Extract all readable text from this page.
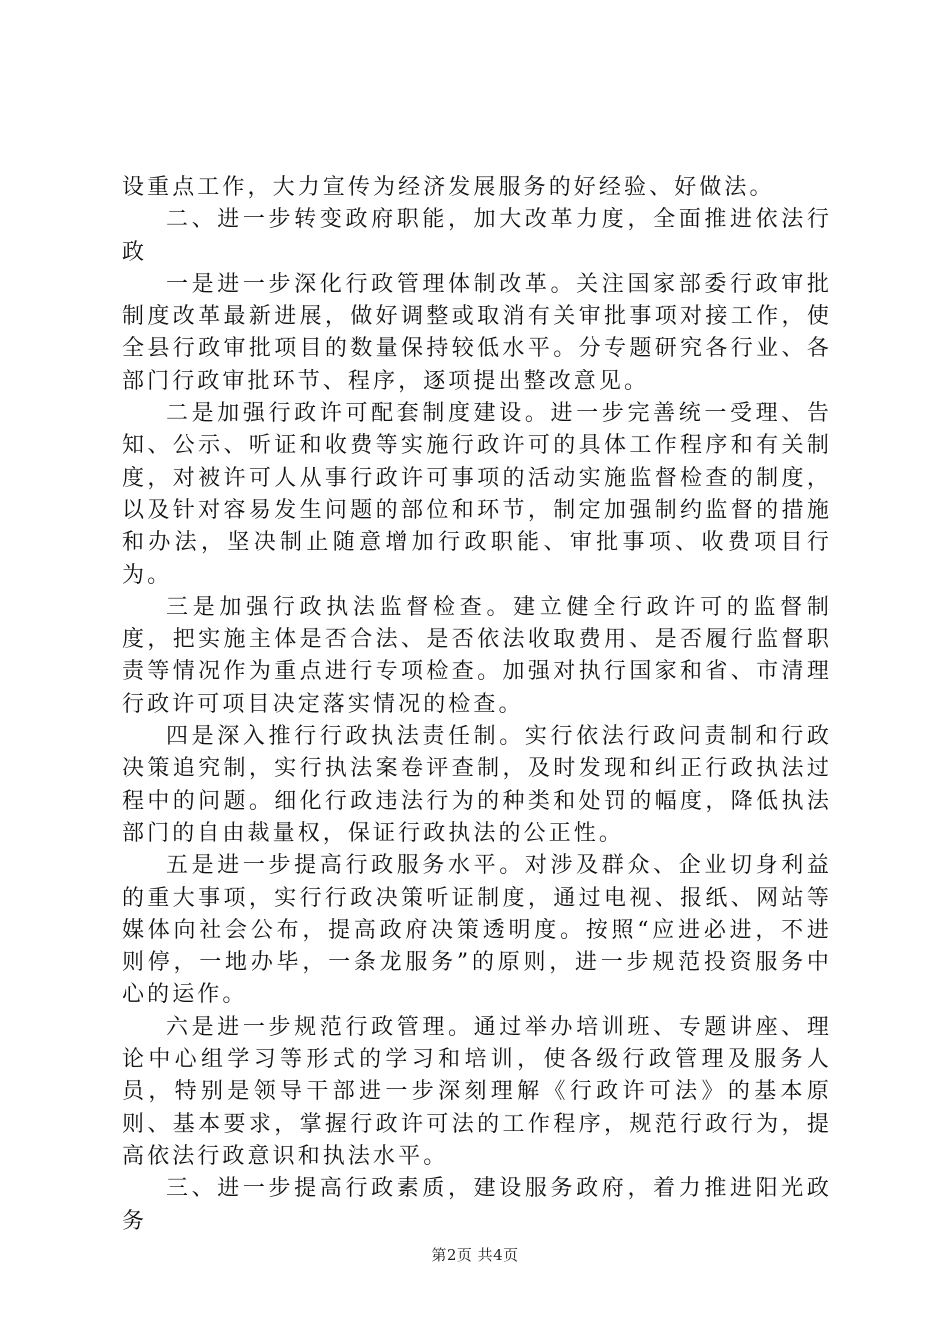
设重点工作，大力宣传为经济发展服务的好经验、好做法。

二、进一步转变政府职能，加大改革力度，全面推进依法行政

一是进一步深化行政管理体制改革。关注国家部委行政审批制度改革最新进展，做好调整或取消有关审批事项对接工作，使全县行政审批项目的数量保持较低水平。分专题研究各行业、各部门行政审批环节、程序，逐项提出整改意见。

二是加强行政许可配套制度建设。进一步完善统一受理、告知、公示、听证和收费等实施行政许可的具体工作程序和有关制度，对被许可人从事行政许可事项的活动实施监督检查的制度，以及针对容易发生问题的部位和环节，制定加强制约监督的措施和办法，坚决制止随意增加行政职能、审批事项、收费项目行为。

三是加强行政执法监督检查。建立健全行政许可的监督制度，把实施主体是否合法、是否依法收取费用、是否履行监督职责等情况作为重点进行专项检查。加强对执行国家和省、市清理行政许可项目决定落实情况的检查。

四是深入推行行政执法责任制。实行依法行政问责制和行政决策追究制，实行执法案卷评查制，及时发现和纠正行政执法过程中的问题。细化行政违法行为的种类和处罚的幅度，降低执法部门的自由裁量权，保证行政执法的公正性。

五是进一步提高行政服务水平。对涉及群众、企业切身利益的重大事项，实行行政决策听证制度，通过电视、报纸、网站等媒体向社会公布，提高政府决策透明度。按照“应进必进，不进则停，一地办毕，一条龙服务”的原则，进一步规范投资服务中心的运作。

六是进一步规范行政管理。通过举办培训班、专题讲座、理论中心组学习等形式的学习和培训，使各级行政管理及服务人员，特别是领导干部进一步深刻理解《行政许可法》的基本原则、基本要求，掌握行政许可法的工作程序，规范行政行为，提高依法行政意识和执法水平。

三、进一步提高行政素质，建设服务政府，着力推进阳光政务

第2页 共4页
